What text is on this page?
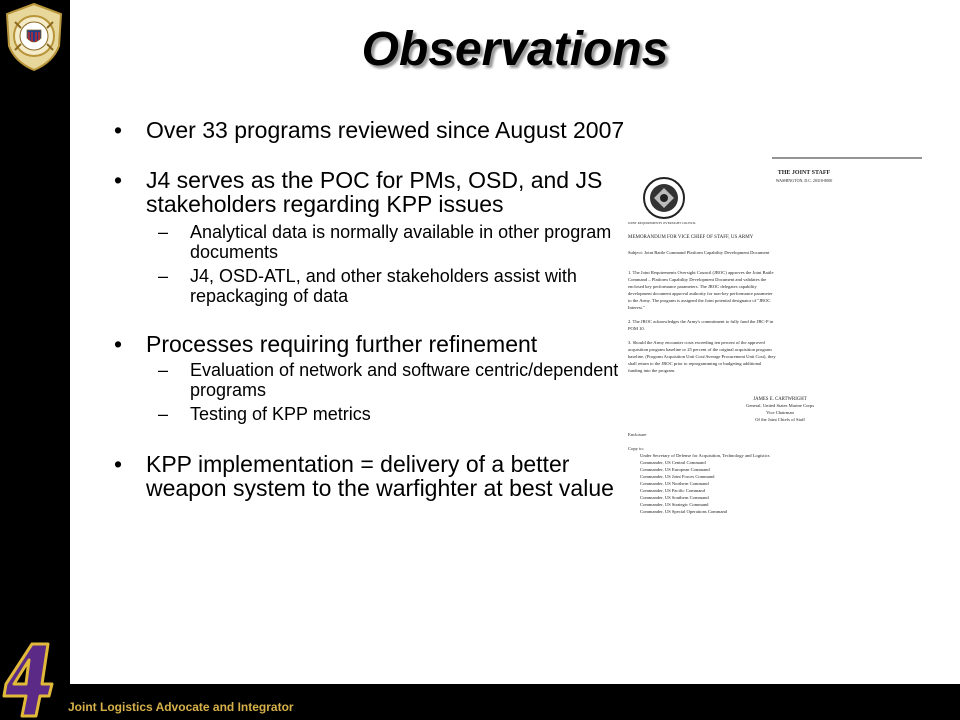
Observations
• Over 33 programs reviewed since August 2007
• J4 serves as the POC for PMs, OSD, and JS stakeholders regarding KPP issues
– Analytical data is normally available in other program documents
– J4, OSD-ATL, and other stakeholders assist with repackaging of data
• Processes requiring further refinement
– Evaluation of network and software centric/dependent programs
– Testing of KPP metrics
• KPP implementation = delivery of a better weapon system to the warfighter at best value
THE JOINT STAFF
WASHINGTON, D.C. 20318-8000
JOINT REQUIREMENTS OVERSIGHT COUNCIL
MEMORANDUM FOR VICE CHIEF OF STAFF, US ARMY
Subject: Joint Battle Command Platform Capability Development Document
1. The Joint Requirements Oversight Council (JROC) approves the Joint Battle
Command – Platform Capability Development Document and validates the
enclosed key performance parameters. The JROC delegates capability
development document approval authority for non-key performance parameter
to the Army. The program is assigned the Joint potential designator of "JROC
Interest."
2. The JROC acknowledges the Army's commitment to fully fund the JBC-P in
POM 10.
3. Should the Army encounter costs exceeding ten percent of the approved
acquisition program baseline or 25 percent of the original acquisition program
baseline, (Program Acquisition Unit Cost/Average Procurement Unit Cost), they
shall return to the JROC prior to reprogramming or budgeting additional
funding into the program.
JAMES E. CARTWRIGHT
General, United States Marine Corps
Vice Chairman
Of the Joint Chiefs of Staff
Enclosure
Copy to:
Under Secretary of Defense for Acquisition, Technology and Logistics
Commander, US Central Command
Commander, US European Command
Commander, US Joint Forces Command
Commander, US Northern Command
Commander, US Pacific Command
Commander, US Southern Command
Commander, US Strategic Command
Commander, US Special Operations Command
Joint Logistics Advocate and Integrator
